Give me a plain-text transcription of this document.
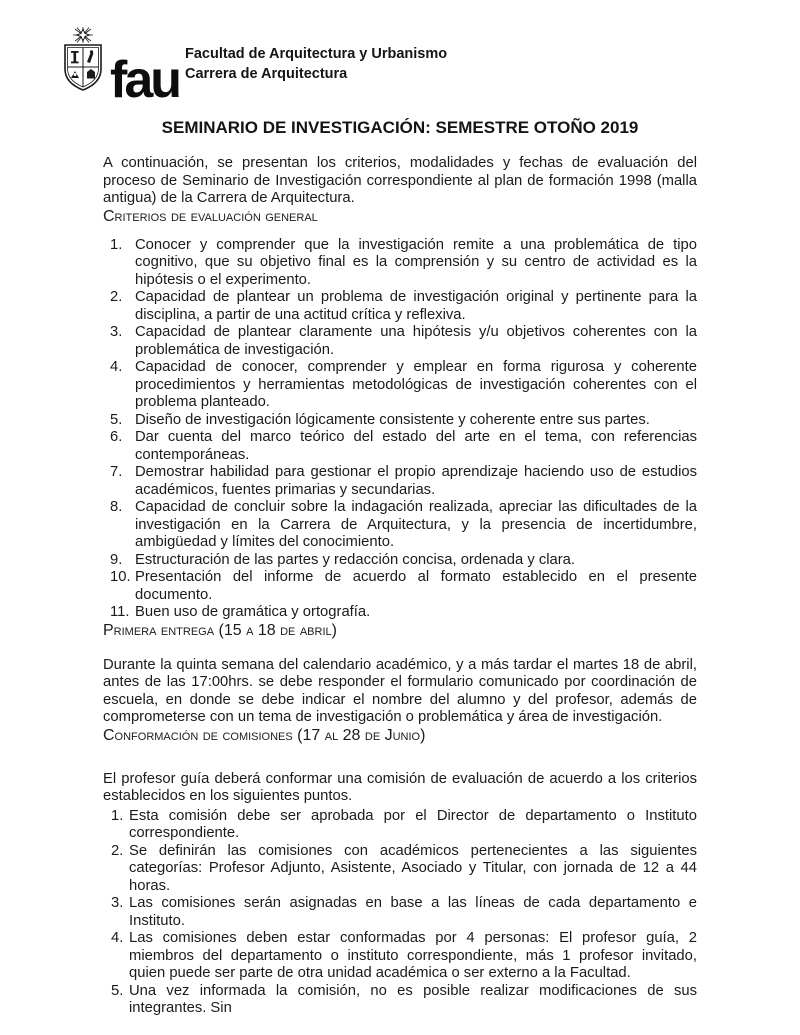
fau Facultad de Arquitectura y Urbanismo
Carrera de Arquitectura
SEMINARIO DE INVESTIGACIÓN: SEMESTRE OTOÑO 2019

A continuación, se presentan los criterios, modalidades y fechas de evaluación del proceso de Seminario de Investigación correspondiente al plan de formación 1998 (malla antigua) de la Carrera de Arquitectura.

Criterios de evaluación general
Conocer y comprender que la investigación remite a una problemática de tipo cognitivo, que su objetivo final es la comprensión y su centro de actividad es la hipótesis o el experimento.
Capacidad de plantear un problema de investigación original y pertinente para la disciplina, a partir de una actitud crítica y reflexiva.
Capacidad de plantear claramente una hipótesis y/u objetivos coherentes con la problemática de investigación.
Capacidad de conocer, comprender y emplear en forma rigurosa y coherente procedimientos y herramientas metodológicas de investigación coherentes con el problema planteado.
Diseño de investigación lógicamente consistente y coherente entre sus partes.
Dar cuenta del marco teórico del estado del arte en el tema, con referencias contemporáneas.
Demostrar habilidad para gestionar el propio aprendizaje haciendo uso de estudios académicos, fuentes primarias y secundarias.
Capacidad de concluir sobre la indagación realizada, apreciar las dificultades de la investigación en la Carrera de Arquitectura, y la presencia de incertidumbre, ambigüedad y límites del conocimiento.
Estructuración de las partes y redacción concisa, ordenada y clara.
Presentación del informe de acuerdo al formato establecido en el presente documento.
Buen uso de gramática y ortografía.
Primera entrega (15 a 18 de abril)

Durante la quinta semana del calendario académico, y a más tardar el martes 18 de abril, antes de las 17:00hrs. se debe responder el formulario comunicado por coordinación de escuela, en donde se debe indicar el nombre del alumno y del profesor, además de comprometerse con un tema de investigación o problemática y área de investigación.

Conformación de comisiones (17 al 28 de Junio)

El profesor guía deberá conformar una comisión de evaluación de acuerdo a los criterios establecidos en los siguientes puntos.

Esta comisión debe ser aprobada por el Director de departamento o Instituto correspondiente.
Se definirán las comisiones con académicos pertenecientes a las siguientes categorías: Profesor Adjunto, Asistente, Asociado y Titular, con jornada de 12 a 44 horas.
Las comisiones serán asignadas en base a las líneas de cada departamento e Instituto.
Las comisiones deben estar conformadas por 4 personas: El profesor guía, 2 miembros del departamento o instituto correspondiente, más 1 profesor invitado, quien puede ser parte de otra unidad académica o ser externo a la Facultad.
Una vez informada la comisión, no es posible realizar modificaciones de sus integrantes. Sin
